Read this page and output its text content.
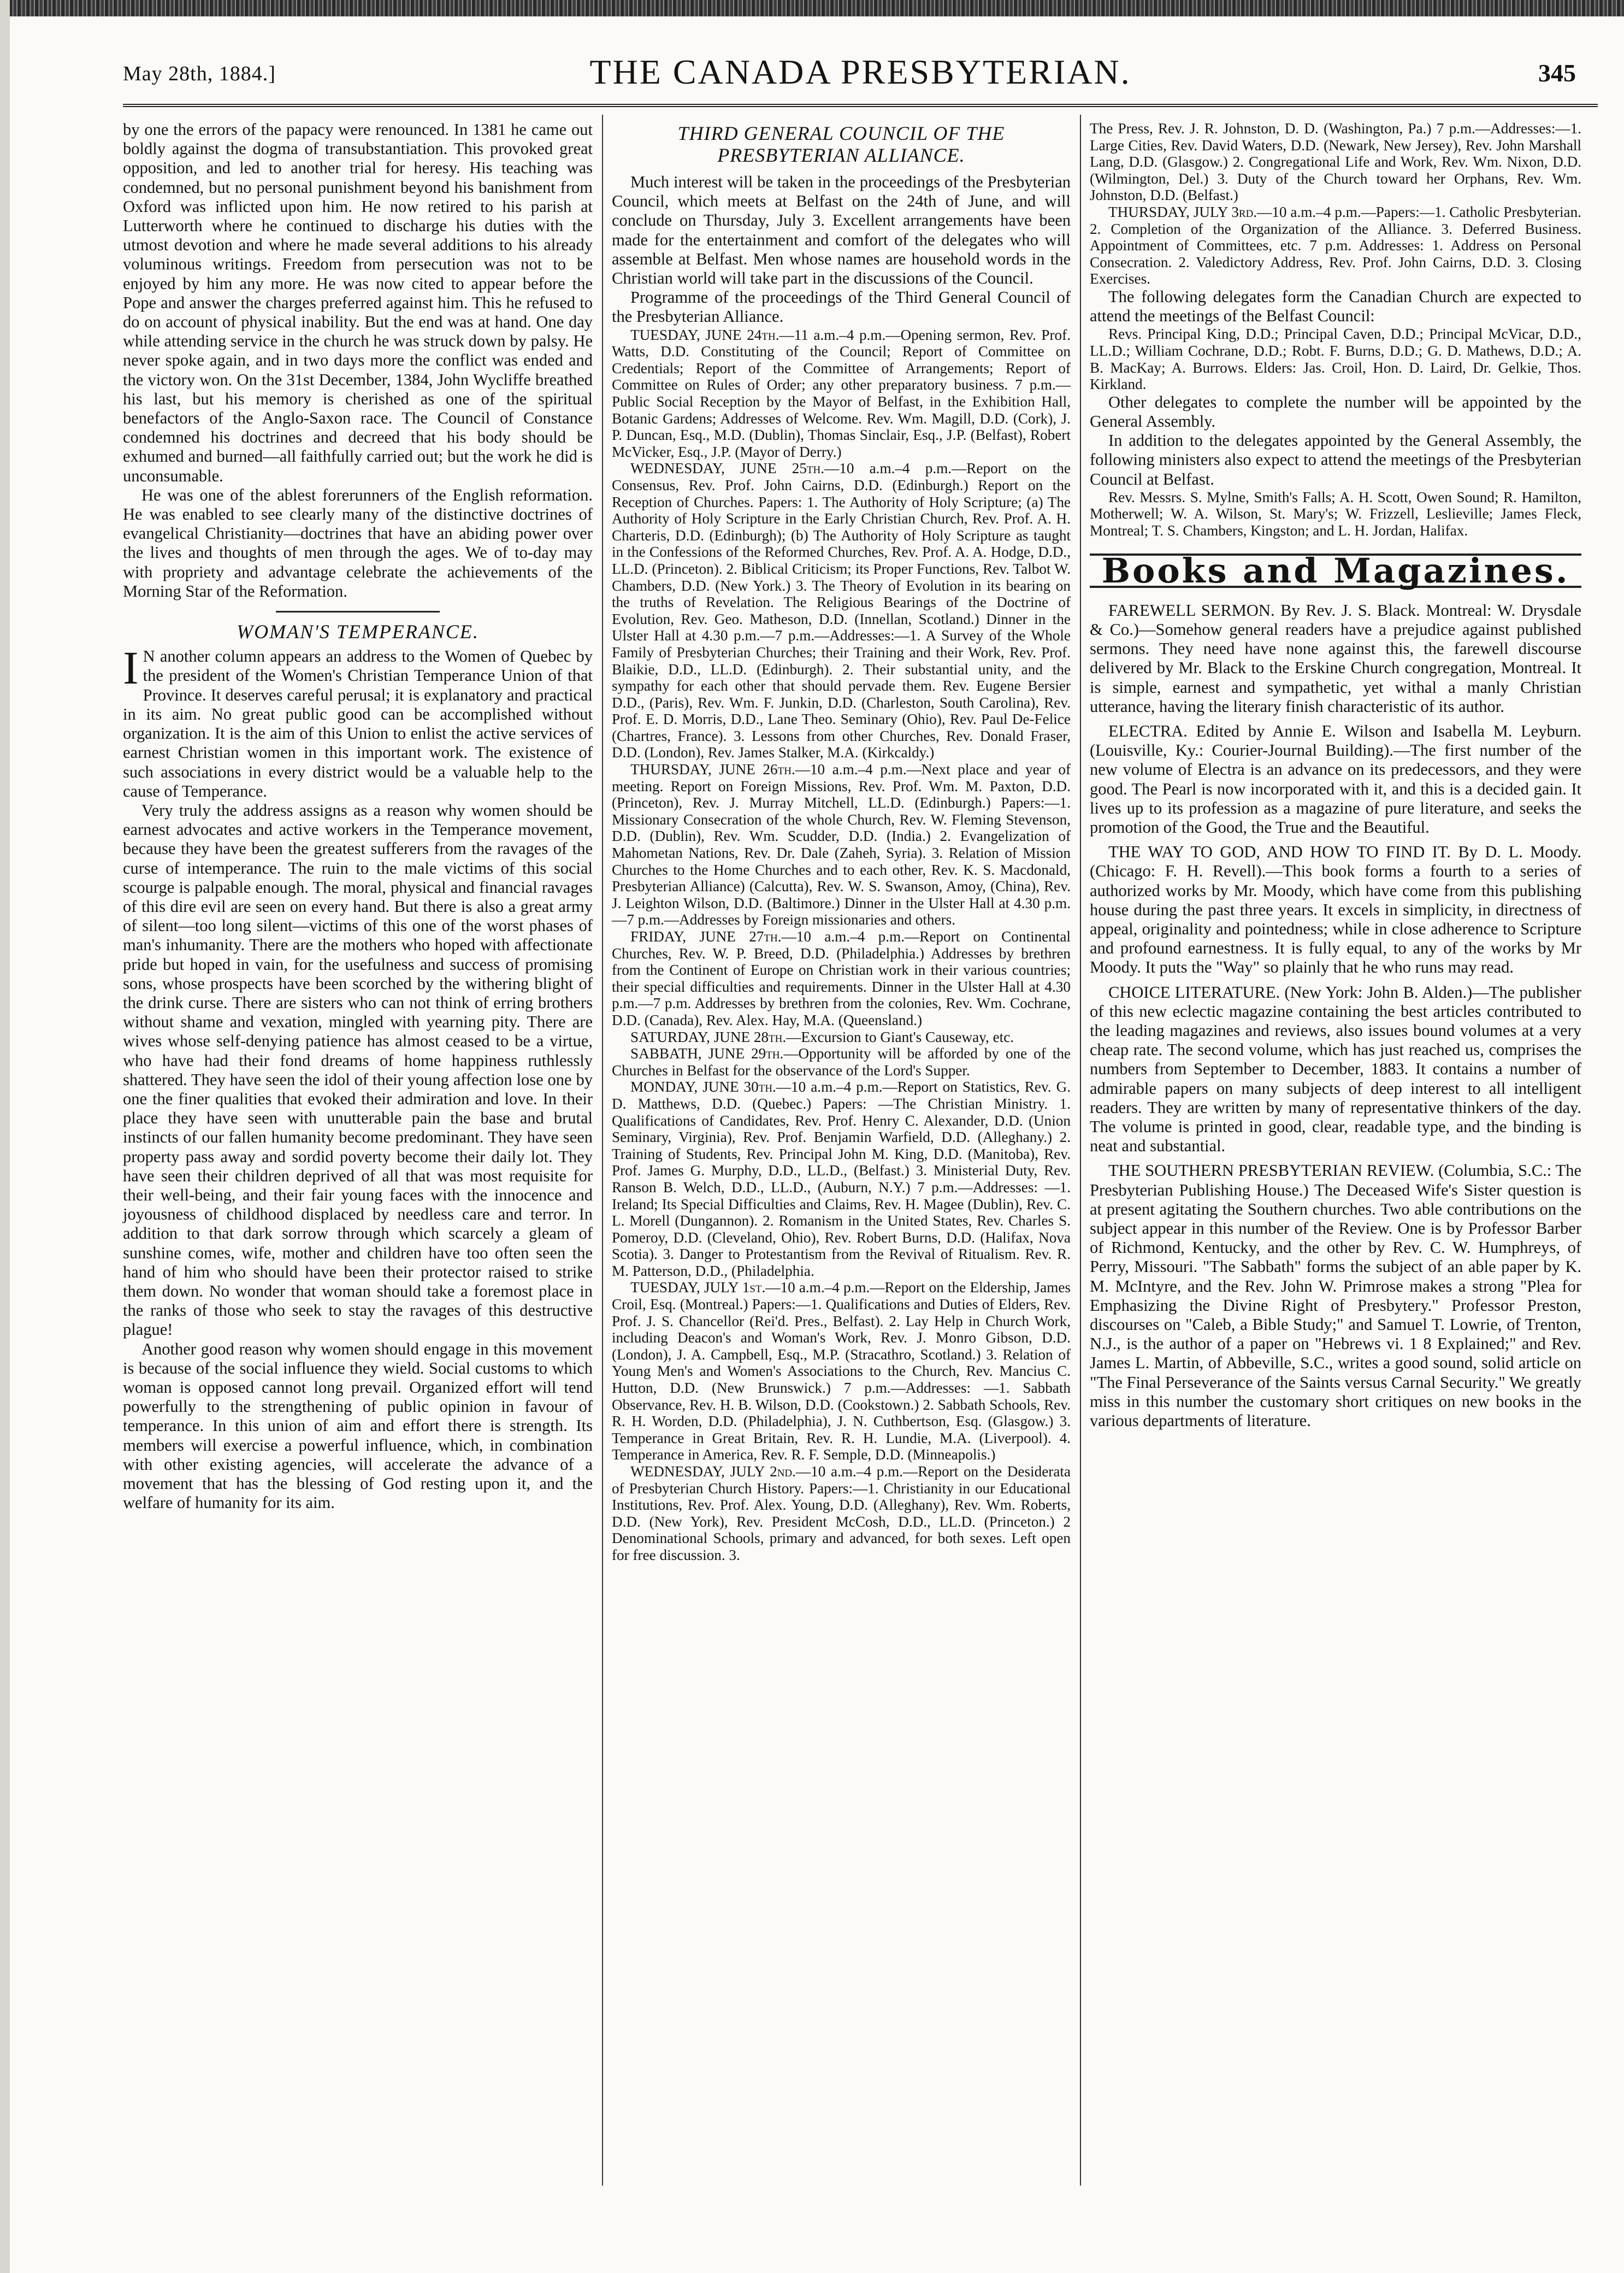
May 28th, 1884.]	THE CANADA PRESBYTERIAN.	345

by one the errors of the papacy were renounced. In 1381 he came out boldly against the dogma of transubstantiation. This provoked great opposition, and led to another trial for heresy. His teaching was condemned, but no personal punishment beyond his banishment from Oxford was inflicted upon him. He now retired to his parish at Lutterworth where he continued to discharge his duties with the utmost devotion and where he made several additions to his already voluminous writings. Freedom from persecution was not to be enjoyed by him any more. He was now cited to appear before the Pope and answer the charges preferred against him. This he refused to do on account of physical inability. But the end was at hand. One day while attending service in the church he was struck down by palsy. He never spoke again, and in two days more the conflict was ended and the victory won. On the 31st December, 1384, John Wycliffe breathed his last, but his memory is cherished as one of the spiritual benefactors of the Anglo-Saxon race. The Council of Constance condemned his doctrines and decreed that his body should be exhumed and burned—all faithfully carried out; but the work he did is unconsumable.

He was one of the ablest forerunners of the English reformation. He was enabled to see clearly many of the distinctive doctrines of evangelical Christianity—doctrines that have an abiding power over the lives and thoughts of men through the ages. We of to-day may with propriety and advantage celebrate the achievements of the Morning Star of the Reformation.

WOMAN'S TEMPERANCE.

I N another column appears an address to the Women of Quebec by the president of the Women's Christian Temperance Union of that Province. It deserves careful perusal; it is explanatory and practical in its aim. No great public good can be accomplished without organization. It is the aim of this Union to enlist the active services of earnest Christian women in this important work. The existence of such associations in every district would be a valuable help to the cause of Temperance.

Very truly the address assigns as a reason why women should be earnest advocates and active workers in the Temperance movement, because they have been the greatest sufferers from the ravages of the curse of intemperance. The ruin to the male victims of this social scourge is palpable enough. The moral, physical and financial ravages of this dire evil are seen on every hand. But there is also a great army of silent—too long silent—victims of this one of the worst phases of man's inhumanity. There are the mothers who hoped with affectionate pride but hoped in vain, for the usefulness and success of promising sons, whose prospects have been scorched by the withering blight of the drink curse. There are sisters who can not think of erring brothers without shame and vexation, mingled with yearning pity. There are wives whose self-denying patience has almost ceased to be a virtue, who have had their fond dreams of home happiness ruthlessly shattered. They have seen the idol of their young affection lose one by one the finer qualities that evoked their admiration and love. In their place they have seen with unutterable pain the base and brutal instincts of our fallen humanity become predominant. They have seen property pass away and sordid poverty become their daily lot. They have seen their children deprived of all that was most requisite for their well-being, and their fair young faces with the innocence and joyousness of childhood displaced by needless care and terror. In addition to that dark sorrow through which scarcely a gleam of sunshine comes, wife, mother and children have too often seen the hand of him who should have been their protector raised to strike them down. No wonder that woman should take a foremost place in the ranks of those who seek to stay the ravages of this destructive plague!

Another good reason why women should engage in this movement is because of the social influence they wield. Social customs to which woman is opposed cannot long prevail. Organized effort will tend powerfully to the strengthening of public opinion in favour of temperance. In this union of aim and effort there is strength. Its members will exercise a powerful influence, which, in combination with other existing agencies, will accelerate the advance of a movement that has the blessing of God resting upon it, and the welfare of humanity for its aim.

THIRD GENERAL COUNCIL OF THE PRESBYTERIAN ALLIANCE.

Much interest will be taken in the proceedings of the Presbyterian Council, which meets at Belfast on the 24th of June, and will conclude on Thursday, July 3. Excellent arrangements have been made for the entertainment and comfort of the delegates who will assemble at Belfast. Men whose names are household words in the Christian world will take part in the discussions of the Council.

Programme of the proceedings of the Third General Council of the Presbyterian Alliance.

TUESDAY, JUNE 24th.—11 a.m.–4 p.m.—Opening sermon, Rev. Prof. Watts, D.D. Constituting of the Council; Report of Committee on Credentials; Report of the Committee of Arrangements; Report of Committee on Rules of Order; any other preparatory business. 7 p.m.—Public Social Reception by the Mayor of Belfast, in the Exhibition Hall, Botanic Gardens; Addresses of Welcome. Rev. Wm. Magill, D.D. (Cork), J. P. Duncan, Esq., M.D. (Dublin), Thomas Sinclair, Esq., J.P. (Belfast), Robert McVicker, Esq., J.P. (Mayor of Derry.)

WEDNESDAY, JUNE 25th.—10 a.m.–4 p.m.—Report on the Consensus, Rev. Prof. John Cairns, D.D. (Edinburgh.) Report on the Reception of Churches. Papers: 1. The Authority of Holy Scripture; (a) The Authority of Holy Scripture in the Early Christian Church, Rev. Prof. A. H. Charteris, D.D. (Edinburgh); (b) The Authority of Holy Scripture as taught in the Confessions of the Reformed Churches, Rev. Prof. A. A. Hodge, D.D., LL.D. (Princeton). 2. Biblical Criticism; its Proper Functions, Rev. Talbot W. Chambers, D.D. (New York.) 3. The Theory of Evolution in its bearing on the truths of Revelation. The Religious Bearings of the Doctrine of Evolution, Rev. Geo. Matheson, D.D. (Innellan, Scotland.) Dinner in the Ulster Hall at 4.30 p.m.—7 p.m.—Addresses:—1. A Survey of the Whole Family of Presbyterian Churches; their Training and their Work, Rev. Prof. Blaikie, D.D., LL.D. (Edinburgh). 2. Their substantial unity, and the sympathy for each other that should pervade them. Rev. Eugene Bersier D.D., (Paris), Rev. Wm. F. Junkin, D.D. (Charleston, South Carolina), Rev. Prof. E. D. Morris, D.D., Lane Theo. Seminary (Ohio), Rev. Paul De-Felice (Chartres, France). 3. Lessons from other Churches, Rev. Donald Fraser, D.D. (London), Rev. James Stalker, M.A. (Kirkcaldy.)

THURSDAY, JUNE 26th.—10 a.m.–4 p.m.—Next place and year of meeting. Report on Foreign Missions, Rev. Prof. Wm. M. Paxton, D.D. (Princeton), Rev. J. Murray Mitchell, LL.D. (Edinburgh.) Papers:—1. Missionary Consecration of the whole Church, Rev. W. Fleming Stevenson, D.D. (Dublin), Rev. Wm. Scudder, D.D. (India.) 2. Evangelization of Mahometan Nations, Rev. Dr. Dale (Zaheh, Syria). 3. Relation of Mission Churches to the Home Churches and to each other, Rev. K. S. Macdonald, Presbyterian Alliance) (Calcutta), Rev. W. S. Swanson, Amoy, (China), Rev. J. Leighton Wilson, D.D. (Baltimore.) Dinner in the Ulster Hall at 4.30 p.m.—7 p.m.—Addresses by Foreign missionaries and others.

FRIDAY, JUNE 27th.—10 a.m.–4 p.m.—Report on Continental Churches, Rev. W. P. Breed, D.D. (Philadelphia.) Addresses by brethren from the Continent of Europe on Christian work in their various countries; their special difficulties and requirements. Dinner in the Ulster Hall at 4.30 p.m.—7 p.m. Addresses by brethren from the colonies, Rev. Wm. Cochrane, D.D. (Canada), Rev. Alex. Hay, M.A. (Queensland.)

SATURDAY, JUNE 28th.—Excursion to Giant's Causeway, etc.

SABBATH, JUNE 29th.—Opportunity will be afforded by one of the Churches in Belfast for the observance of the Lord's Supper.

MONDAY, JUNE 30th.—10 a.m.–4 p.m.—Report on Statistics, Rev. G. D. Matthews, D.D. (Quebec.) Papers: —The Christian Ministry. 1. Qualifications of Candidates, Rev. Prof. Henry C. Alexander, D.D. (Union Seminary, Virginia), Rev. Prof. Benjamin Warfield, D.D. (Alleghany.) 2. Training of Students, Rev. Principal John M. King, D.D. (Manitoba), Rev. Prof. James G. Murphy, D.D., LL.D., (Belfast.) 3. Ministerial Duty, Rev. Ranson B. Welch, D.D., LL.D., (Auburn, N.Y.) 7 p.m.—Addresses: —1. Ireland; Its Special Difficulties and Claims, Rev. H. Magee (Dublin), Rev. C. L. Morell (Dungannon). 2. Romanism in the United States, Rev. Charles S. Pomeroy, D.D. (Cleveland, Ohio), Rev. Robert Burns, D.D. (Halifax, Nova Scotia). 3. Danger to Protestantism from the Revival of Ritualism. Rev. R. M. Patterson, D.D., (Philadelphia.

TUESDAY, JULY 1st.—10 a.m.–4 p.m.—Report on the Eldership, James Croil, Esq. (Montreal.) Papers:—1. Qualifications and Duties of Elders, Rev. Prof. J. S. Chancellor (Rei'd. Pres., Belfast). 2. Lay Help in Church Work, including Deacon's and Woman's Work, Rev. J. Monro Gibson, D.D. (London), J. A. Campbell, Esq., M.P. (Stracathro, Scotland.) 3. Relation of Young Men's and Women's Associations to the Church, Rev. Mancius C. Hutton, D.D. (New Brunswick.) 7 p.m.—Addresses: —1. Sabbath Observance, Rev. H. B. Wilson, D.D. (Cookstown.) 2. Sabbath Schools, Rev. R. H. Worden, D.D. (Philadelphia), J. N. Cuthbertson, Esq. (Glasgow.) 3. Temperance in Great Britain, Rev. R. H. Lundie, M.A. (Liverpool). 4. Temperance in America, Rev. R. F. Semple, D.D. (Minneapolis.)

WEDNESDAY, JULY 2nd.—10 a.m.–4 p.m.—Report on the Desiderata of Presbyterian Church History. Papers:—1. Christianity in our Educational Institutions, Rev. Prof. Alex. Young, D.D. (Alleghany), Rev. Wm. Roberts, D.D. (New York), Rev. President McCosh, D.D., LL.D. (Princeton.) 2 Denominational Schools, primary and advanced, for both sexes. Left open for free discussion. 3.

The Press, Rev. J. R. Johnston, D. D. (Washington, Pa.) 7 p.m.—Addresses:—1. Large Cities, Rev. David Waters, D.D. (Newark, New Jersey), Rev. John Marshall Lang, D.D. (Glasgow.) 2. Congregational Life and Work, Rev. Wm. Nixon, D.D. (Wilmington, Del.) 3. Duty of the Church toward her Orphans, Rev. Wm. Johnston, D.D. (Belfast.)

THURSDAY, JULY 3rd.—10 a.m.–4 p.m.—Papers:—1. Catholic Presbyterian. 2. Completion of the Organization of the Alliance. 3. Deferred Business. Appointment of Committees, etc. 7 p.m. Addresses: 1. Address on Personal Consecration. 2. Valedictory Address, Rev. Prof. John Cairns, D.D. 3. Closing Exercises.

The following delegates form the Canadian Church are expected to attend the meetings of the Belfast Council:

Revs. Principal King, D.D.; Principal Caven, D.D.; Principal McVicar, D.D., LL.D.; William Cochrane, D.D.; Robt. F. Burns, D.D.; G. D. Mathews, D.D.; A. B. MacKay; A. Burrows. Elders: Jas. Croil, Hon. D. Laird, Dr. Gelkie, Thos. Kirkland.

Other delegates to complete the number will be appointed by the General Assembly.

In addition to the delegates appointed by the General Assembly, the following ministers also expect to attend the meetings of the Presbyterian Council at Belfast.

Rev. Messrs. S. Mylne, Smith's Falls; A. H. Scott, Owen Sound; R. Hamilton, Motherwell; W. A. Wilson, St. Mary's; W. Frizzell, Leslieville; James Fleck, Montreal; T. S. Chambers, Kingston; and L. H. Jordan, Halifax.

Books and Magazines.

FAREWELL SERMON. By Rev. J. S. Black. Montreal: W. Drysdale & Co.)—Somehow general readers have a prejudice against published sermons. They need have none against this, the farewell discourse delivered by Mr. Black to the Erskine Church congregation, Montreal. It is simple, earnest and sympathetic, yet withal a manly Christian utterance, having the literary finish characteristic of its author.

ELECTRA. Edited by Annie E. Wilson and Isabella M. Leyburn. (Louisville, Ky.: Courier-Journal Building).—The first number of the new volume of Electra is an advance on its predecessors, and they were good. The Pearl is now incorporated with it, and this is a decided gain. It lives up to its profession as a magazine of pure literature, and seeks the promotion of the Good, the True and the Beautiful.

THE WAY TO GOD, AND HOW TO FIND IT. By D. L. Moody. (Chicago: F. H. Revell).—This book forms a fourth to a series of authorized works by Mr. Moody, which have come from this publishing house during the past three years. It excels in simplicity, in directness of appeal, originality and pointedness; while in close adherence to Scripture and profound earnestness. It is fully equal, to any of the works by Mr Moody. It puts the "Way" so plainly that he who runs may read.

CHOICE LITERATURE. (New York: John B. Alden.)—The publisher of this new eclectic magazine containing the best articles contributed to the leading magazines and reviews, also issues bound volumes at a very cheap rate. The second volume, which has just reached us, comprises the numbers from September to December, 1883. It contains a number of admirable papers on many subjects of deep interest to all intelligent readers. They are written by many of representative thinkers of the day. The volume is printed in good, clear, readable type, and the binding is neat and substantial.

THE SOUTHERN PRESBYTERIAN REVIEW. (Columbia, S.C.: The Presbyterian Publishing House.) The Deceased Wife's Sister question is at present agitating the Southern churches. Two able contributions on the subject appear in this number of the Review. One is by Professor Barber of Richmond, Kentucky, and the other by Rev. C. W. Humphreys, of Perry, Missouri. "The Sabbath" forms the subject of an able paper by K. M. McIntyre, and the Rev. John W. Primrose makes a strong "Plea for Emphasizing the Divine Right of Presbytery." Professor Preston, discourses on "Caleb, a Bible Study;" and Samuel T. Lowrie, of Trenton, N.J., is the author of a paper on "Hebrews vi. 1 8 Explained;" and Rev. James L. Martin, of Abbeville, S.C., writes a good sound, solid article on "The Final Perseverance of the Saints versus Carnal Security." We greatly miss in this number the customary short critiques on new books in the various departments of literature.
